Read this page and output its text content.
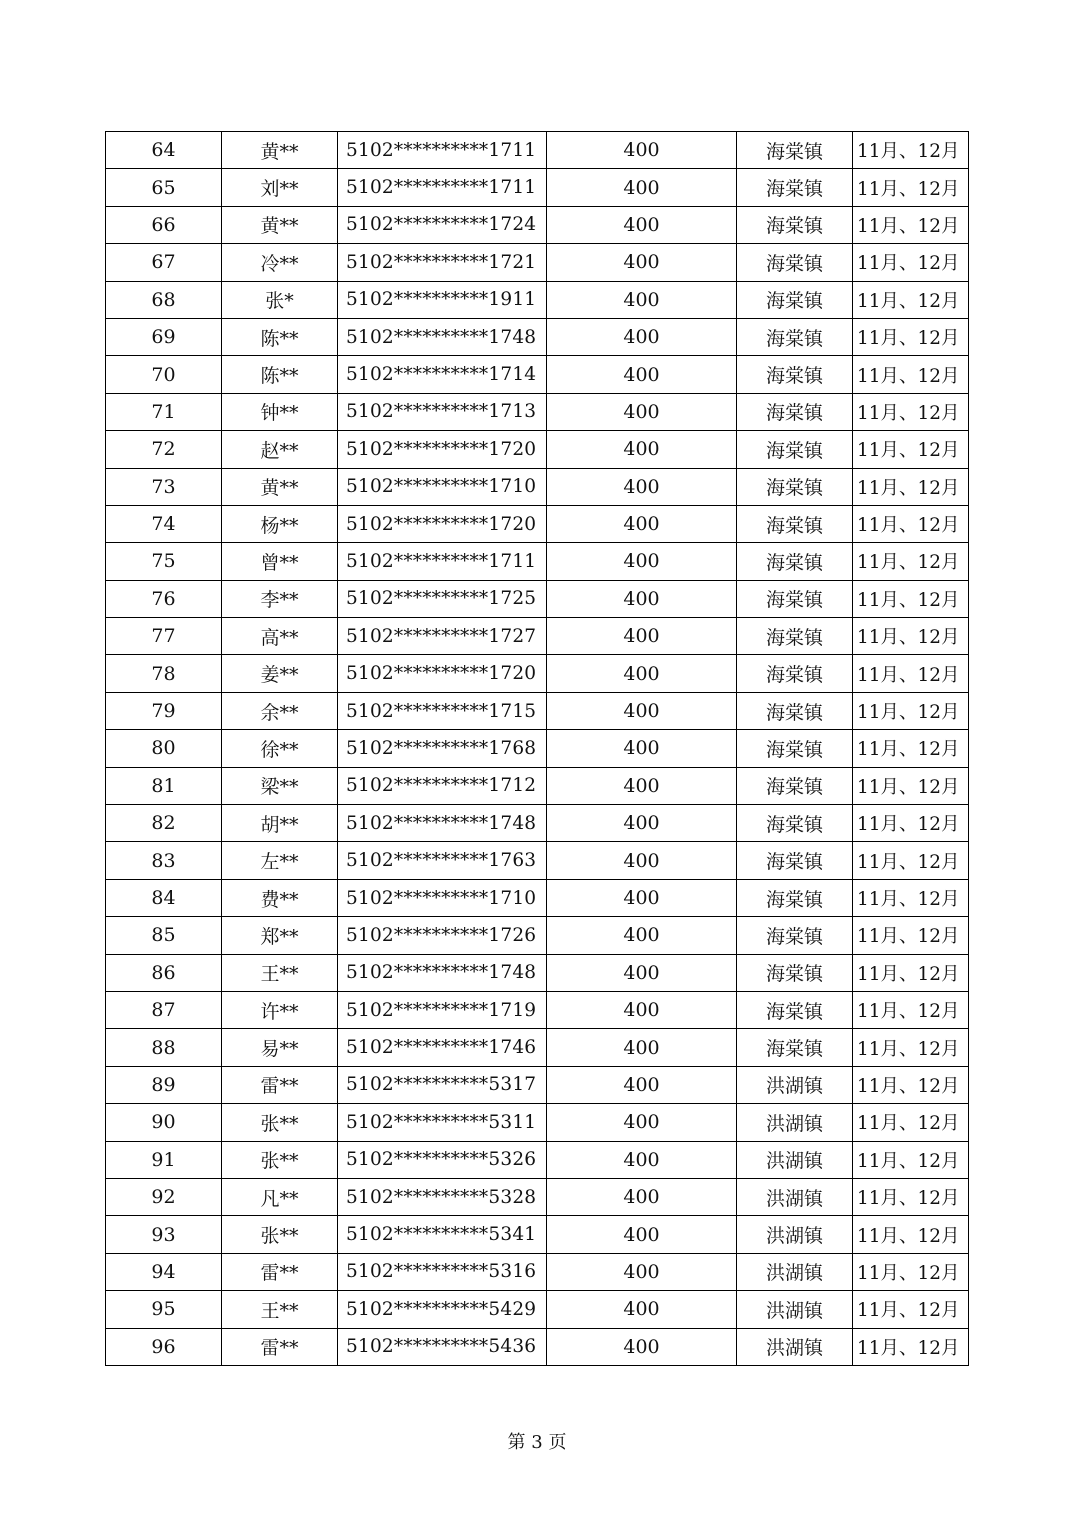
64	黄**	5102**********1711	400	海棠镇	11月、12月
65	刘**	5102**********1711	400	海棠镇	11月、12月
66	黄**	5102**********1724	400	海棠镇	11月、12月
67	冷**	5102**********1721	400	海棠镇	11月、12月
68	张*	5102**********1911	400	海棠镇	11月、12月
69	陈**	5102**********1748	400	海棠镇	11月、12月
70	陈**	5102**********1714	400	海棠镇	11月、12月
71	钟**	5102**********1713	400	海棠镇	11月、12月
72	赵**	5102**********1720	400	海棠镇	11月、12月
73	黄**	5102**********1710	400	海棠镇	11月、12月
74	杨**	5102**********1720	400	海棠镇	11月、12月
75	曾**	5102**********1711	400	海棠镇	11月、12月
76	李**	5102**********1725	400	海棠镇	11月、12月
77	高**	5102**********1727	400	海棠镇	11月、12月
78	姜**	5102**********1720	400	海棠镇	11月、12月
79	余**	5102**********1715	400	海棠镇	11月、12月
80	徐**	5102**********1768	400	海棠镇	11月、12月
81	梁**	5102**********1712	400	海棠镇	11月、12月
82	胡**	5102**********1748	400	海棠镇	11月、12月
83	左**	5102**********1763	400	海棠镇	11月、12月
84	费**	5102**********1710	400	海棠镇	11月、12月
85	郑**	5102**********1726	400	海棠镇	11月、12月
86	王**	5102**********1748	400	海棠镇	11月、12月
87	许**	5102**********1719	400	海棠镇	11月、12月
88	易**	5102**********1746	400	海棠镇	11月、12月
89	雷**	5102**********5317	400	洪湖镇	11月、12月
90	张**	5102**********5311	400	洪湖镇	11月、12月
91	张**	5102**********5326	400	洪湖镇	11月、12月
92	凡**	5102**********5328	400	洪湖镇	11月、12月
93	张**	5102**********5341	400	洪湖镇	11月、12月
94	雷**	5102**********5316	400	洪湖镇	11月、12月
95	王**	5102**********5429	400	洪湖镇	11月、12月
96	雷**	5102**********5436	400	洪湖镇	11月、12月
第 3 页
